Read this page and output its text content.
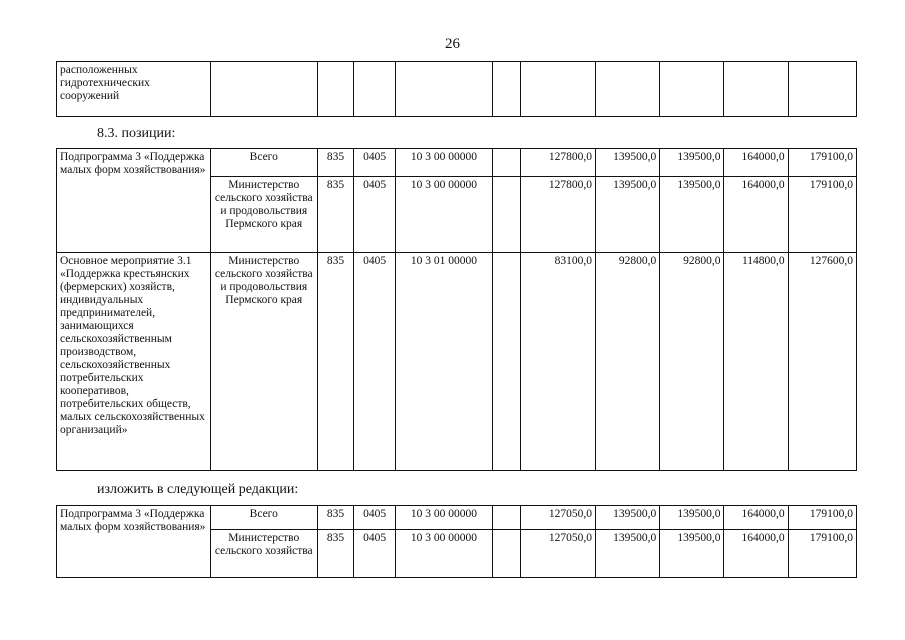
26
расположенных гидротехнических сооружений										
8.3. позиции:
Подпрограмма 3 «Поддержка малых форм хозяйствования»	Всего	835	0405	10 3 00 00000		127800,0	139500,0	139500,0	164000,0	179100,0
	Министерство сельского хозяйства и продовольствия Пермского края	835	0405	10 3 00 00000		127800,0	139500,0	139500,0	164000,0	179100,0
Основное мероприятие 3.1 «Поддержка крестьянских (фермерских) хозяйств, индивидуальных предпринимателей, занимающихся сельскохозяйственным производством, сельскохозяйственных потребительских кооперативов, потребительских обществ, малых сельскохозяйственных организаций»	Министерство сельского хозяйства и продовольствия Пермского края	835	0405	10 3 01 00000		83100,0	92800,0	92800,0	114800,0	127600,0
изложить в следующей редакции:
Подпрограмма 3 «Поддержка малых форм хозяйствования»	Всего	835	0405	10 3 00 00000		127050,0	139500,0	139500,0	164000,0	179100,0
	Министерство сельского хозяйства	835	0405	10 3 00 00000		127050,0	139500,0	139500,0	164000,0	179100,0
